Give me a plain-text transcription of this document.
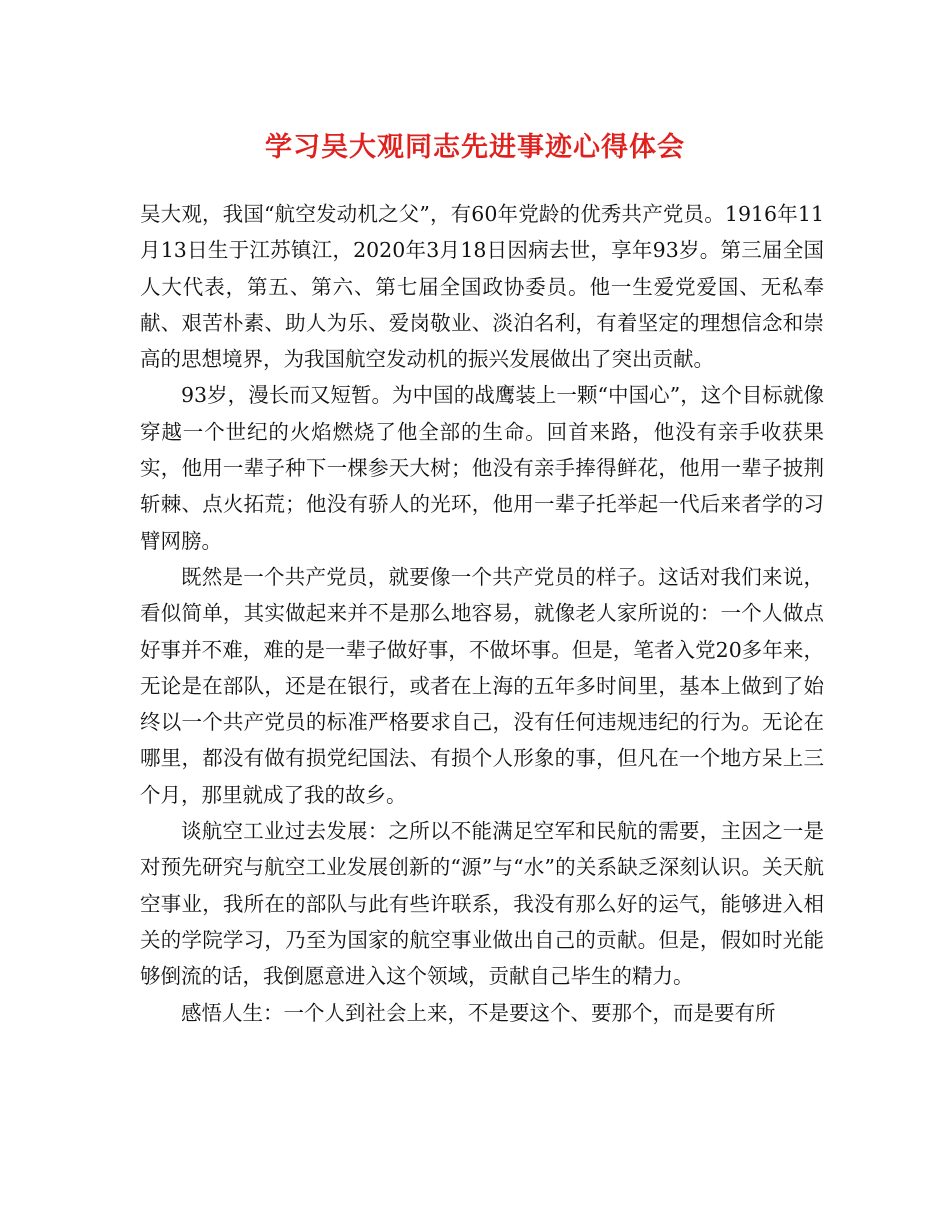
学习吴大观同志先进事迹心得体会

吴大观，我国“航空发动机之父”，有60年党龄的优秀共产党员。1916年11月13日生于江苏镇江，2020年3月18日因病去世，享年93岁。第三届全国人大代表，第五、第六、第七届全国政协委员。他一生爱党爱国、无私奉献、艰苦朴素、助人为乐、爱岗敬业、淡泊名利，有着坚定的理想信念和崇高的思想境界，为我国航空发动机的振兴发展做出了突出贡献。

93岁，漫长而又短暂。为中国的战鹰装上一颗“中国心”，这个目标就像穿越一个世纪的火焰燃烧了他全部的生命。回首来路，他没有亲手收获果实，他用一辈子种下一棵参天大树；他没有亲手捧得鲜花，他用一辈子披荆斩棘、点火拓荒；他没有骄人的光环，他用一辈子托举起一代后来者学的习臂网膀。

既然是一个共产党员，就要像一个共产党员的样子。这话对我们来说，看似简单，其实做起来并不是那么地容易，就像老人家所说的：一个人做点好事并不难，难的是一辈子做好事，不做坏事。但是，笔者入党20多年来，无论是在部队，还是在银行，或者在上海的五年多时间里，基本上做到了始终以一个共产党员的标准严格要求自己，没有任何违规违纪的行为。无论在哪里，都没有做有损党纪国法、有损个人形象的事，但凡在一个地方呆上三个月，那里就成了我的故乡。

谈航空工业过去发展：之所以不能满足空军和民航的需要，主因之一是对预先研究与航空工业发展创新的“源”与“水”的关系缺乏深刻认识。关天航空事业，我所在的部队与此有些许联系，我没有那么好的运气，能够进入相关的学院学习，乃至为国家的航空事业做出自己的贡献。但是，假如时光能够倒流的话，我倒愿意进入这个领域，贡献自己毕生的精力。

感悟人生：一个人到社会上来，不是要这个、要那个，而是要有所
